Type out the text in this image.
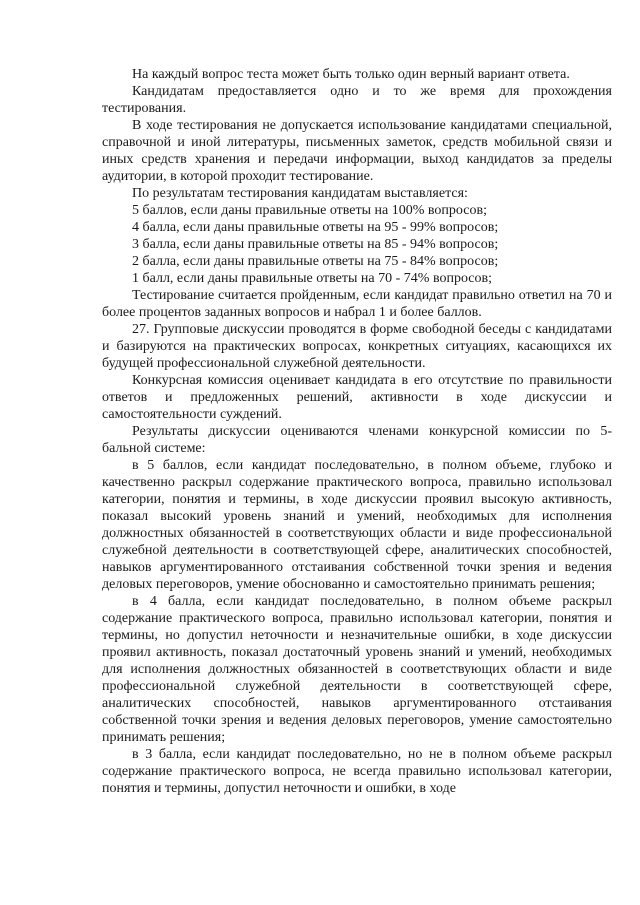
На каждый вопрос теста может быть только один верный вариант ответа.

Кандидатам предоставляется одно и то же время для прохождения тестирования.

В ходе тестирования не допускается использование кандидатами специальной, справочной и иной литературы, письменных заметок, средств мобильной связи и иных средств хранения и передачи информации, выход кандидатов за пределы аудитории, в которой проходит тестирование.

По результатам тестирования кандидатам выставляется:

5 баллов, если даны правильные ответы на 100% вопросов;

4 балла, если даны правильные ответы на 95 - 99% вопросов;

3 балла, если даны правильные ответы на 85 - 94% вопросов;

2 балла, если даны правильные ответы на 75 - 84% вопросов;

1 балл, если даны правильные ответы на 70 - 74% вопросов;

Тестирование считается пройденным, если кандидат правильно ответил на 70 и более процентов заданных вопросов и набрал 1 и более баллов.

27. Групповые дискуссии проводятся в форме свободной беседы с кандидатами и базируются на практических вопросах, конкретных ситуациях, касающихся их будущей профессиональной служебной деятельности.

Конкурсная комиссия оценивает кандидата в его отсутствие по правильности ответов и предложенных решений, активности в ходе дискуссии и самостоятельности суждений.

Результаты дискуссии оцениваются членами конкурсной комиссии по 5-бальной системе:

в 5 баллов, если кандидат последовательно, в полном объеме, глубоко и качественно раскрыл содержание практического вопроса, правильно использовал категории, понятия и термины, в ходе дискуссии проявил высокую активность, показал высокий уровень знаний и умений, необходимых для исполнения должностных обязанностей в соответствующих области и виде профессиональной служебной деятельности в соответствующей сфере, аналитических способностей, навыков аргументированного отстаивания собственной точки зрения и ведения деловых переговоров, умение обоснованно и самостоятельно принимать решения;

в 4 балла, если кандидат последовательно, в полном объеме раскрыл содержание практического вопроса, правильно использовал категории, понятия и термины, но допустил неточности и незначительные ошибки, в ходе дискуссии проявил активность, показал достаточный уровень знаний и умений, необходимых для исполнения должностных обязанностей в соответствующих области и виде профессиональной служебной деятельности в соответствующей сфере, аналитических способностей, навыков аргументированного отстаивания собственной точки зрения и ведения деловых переговоров, умение самостоятельно принимать решения;

в 3 балла, если кандидат последовательно, но не в полном объеме раскрыл содержание практического вопроса, не всегда правильно использовал категории, понятия и термины, допустил неточности и ошибки, в ходе
